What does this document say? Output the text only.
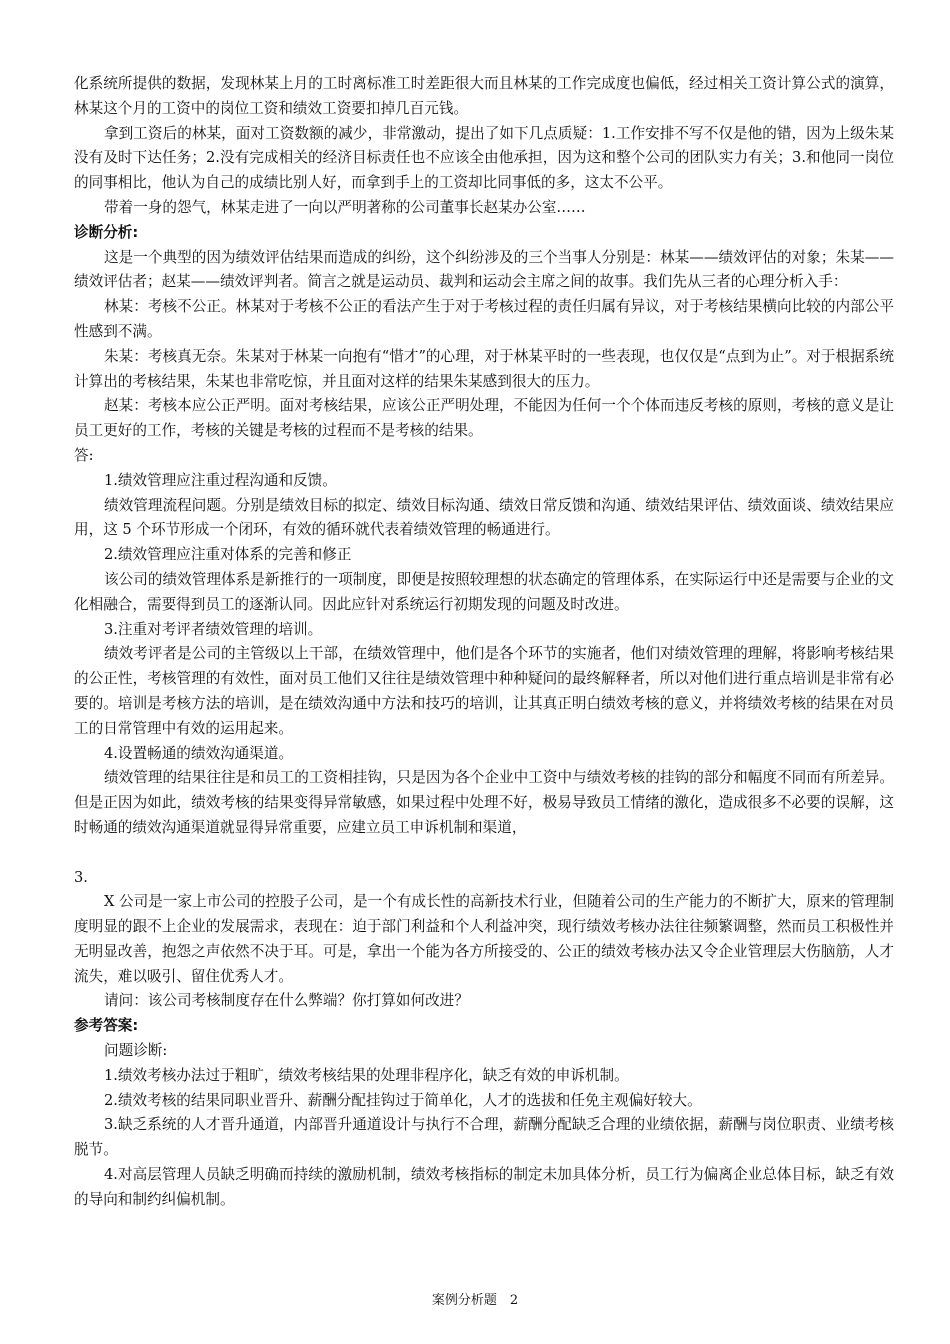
化系统所提供的数据，发现林某上月的工时离标准工时差距很大而且林某的工作完成度也偏低，经过相关工资计算公式的演算，林某这个月的工资中的岗位工资和绩效工资要扣掉几百元钱。

拿到工资后的林某，面对工资数额的减少，非常激动，提出了如下几点质疑：1.工作安排不写不仅是他的错，因为上级朱某没有及时下达任务；2.没有完成相关的经济目标责任也不应该全由他承担，因为这和整个公司的团队实力有关；3.和他同一岗位的同事相比，他认为自己的成绩比别人好，而拿到手上的工资却比同事低的多，这太不公平。

带着一身的怨气，林某走进了一向以严明著称的公司董事长赵某办公室……

诊断分析:

这是一个典型的因为绩效评估结果而造成的纠纷，这个纠纷涉及的三个当事人分别是：林某——绩效评估的对象；朱某——绩效评估者；赵某——绩效评判者。简言之就是运动员、裁判和运动会主席之间的故事。我们先从三者的心理分析入手：

林某：考核不公正。林某对于考核不公正的看法产生于对于考核过程的责任归属有异议，对于考核结果横向比较的内部公平性感到不满。

朱某：考核真无奈。朱某对于林某一向抱有“惜才”的心理，对于林某平时的一些表现，也仅仅是“点到为止”。对于根据系统计算出的考核结果，朱某也非常吃惊，并且面对这样的结果朱某感到很大的压力。

赵某：考核本应公正严明。面对考核结果，应该公正严明处理，不能因为任何一个个体而违反考核的原则，考核的意义是让员工更好的工作，考核的关键是考核的过程而不是考核的结果。

答:

1.绩效管理应注重过程沟通和反馈。

绩效管理流程问题。分别是绩效目标的拟定、绩效目标沟通、绩效日常反馈和沟通、绩效结果评估、绩效面谈、绩效结果应用，这 5 个环节形成一个闭环，有效的循环就代表着绩效管理的畅通进行。

2.绩效管理应注重对体系的完善和修正

该公司的绩效管理体系是新推行的一项制度，即便是按照较理想的状态确定的管理体系，在实际运行中还是需要与企业的文化相融合，需要得到员工的逐渐认同。因此应针对系统运行初期发现的问题及时改进。

3.注重对考评者绩效管理的培训。

绩效考评者是公司的主管级以上干部，在绩效管理中，他们是各个环节的实施者，他们对绩效管理的理解，将影响考核结果的公正性，考核管理的有效性，面对员工他们又往往是绩效管理中种种疑问的最终解释者，所以对他们进行重点培训是非常有必要的。培训是考核方法的培训，是在绩效沟通中方法和技巧的培训，让其真正明白绩效考核的意义，并将绩效考核的结果在对员工的日常管理中有效的运用起来。

4.设置畅通的绩效沟通渠道。

绩效管理的结果往往是和员工的工资相挂钩，只是因为各个企业中工资中与绩效考核的挂钩的部分和幅度不同而有所差异。但是正因为如此，绩效考核的结果变得异常敏感，如果过程中处理不好，极易导致员工情绪的激化，造成很多不必要的误解，这时畅通的绩效沟通渠道就显得异常重要，应建立员工申诉机制和渠道，

3.

X 公司是一家上市公司的控股子公司，是一个有成长性的高新技术行业，但随着公司的生产能力的不断扩大，原来的管理制度明显的跟不上企业的发展需求，表现在：迫于部门利益和个人利益冲突，现行绩效考核办法往往频繁调整，然而员工积极性并无明显改善，抱怨之声依然不决于耳。可是，拿出一个能为各方所接受的、公正的绩效考核办法又令企业管理层大伤脑筋，人才流失，难以吸引、留住优秀人才。

请问：该公司考核制度存在什么弊端？你打算如何改进？

参考答案:

问题诊断:

1.绩效考核办法过于粗旷，绩效考核结果的处理非程序化，缺乏有效的申诉机制。

2.绩效考核的结果同职业晋升、薪酬分配挂钩过于简单化，人才的选拔和任免主观偏好较大。

3.缺乏系统的人才晋升通道，内部晋升通道设计与执行不合理，薪酬分配缺乏合理的业绩依据，薪酬与岗位职责、业绩考核脱节。

4.对高层管理人员缺乏明确而持续的激励机制，绩效考核指标的制定未加具体分析，员工行为偏离企业总体目标，缺乏有效的导向和制约纠偏机制。

案例分析题　2
